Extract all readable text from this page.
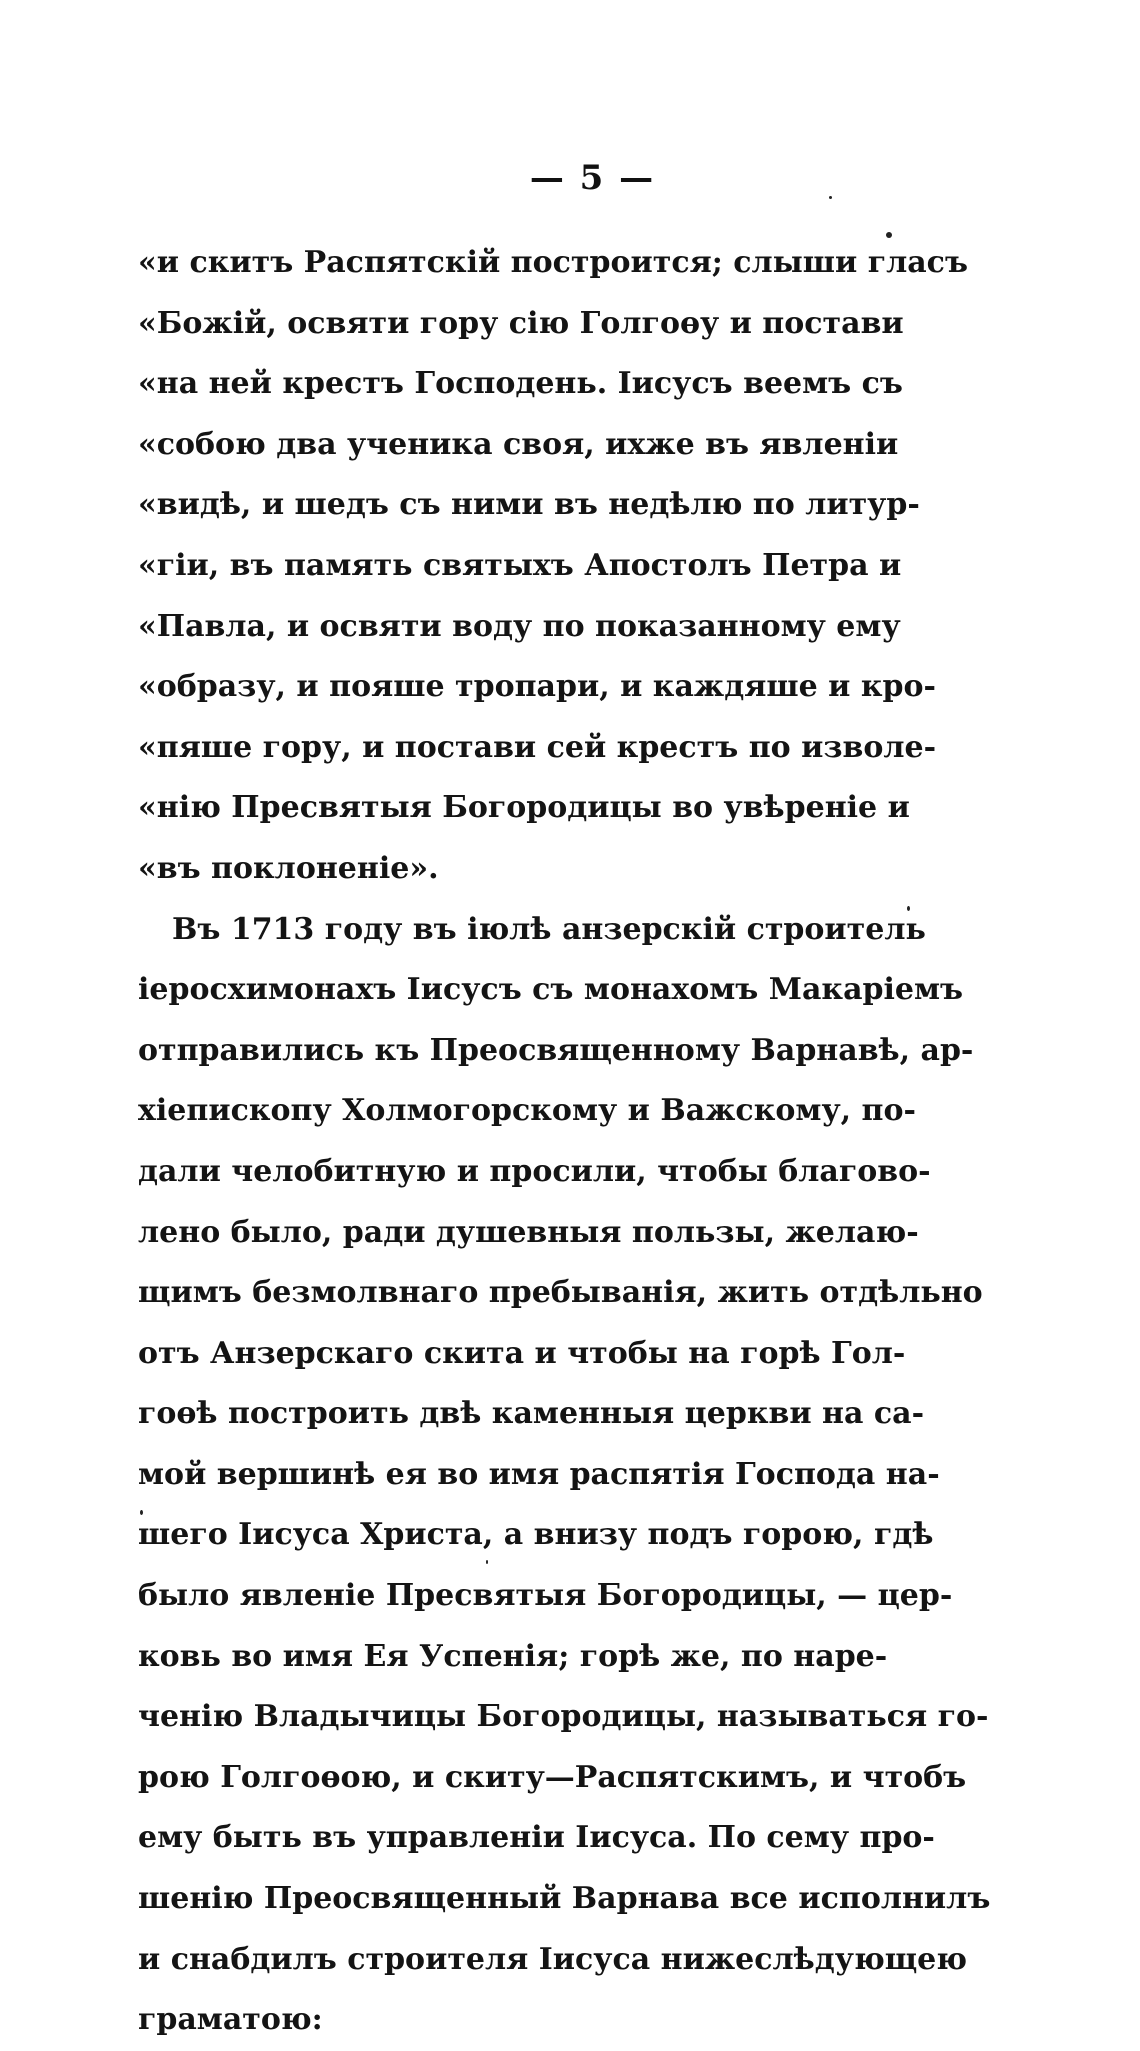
— 5 —
«и скитъ Распятскій построится; слыши гласъ
«Божій, освяти гору сію Голгоөу и постави
«на ней крестъ Господень. Іисусъ веемъ съ
«собою два ученика своя, ихже въ явленіи
«видѣ, и шедъ съ ними въ недѣлю по литур-
«гіи, въ память святыхъ Апостолъ Петра и
«Павла, и освяти воду по показанному ему
«образу, и пояше тропари, и каждяше и кро-
«пяше гору, и постави сей крестъ по изволе-
«нію Пресвятыя Богородицы во увѣреніе и
«въ поклоненіе».
Въ 1713 году въ іюлѣ анзерскій строитель
іеросхимонахъ Іисусъ съ монахомъ Макаріемъ
отправились къ Преосвященному Варнавѣ, ар-
хіепископу Холмогорскому и Важскому, по-
дали челобитную и просили, чтобы благово-
лено было, ради душевныя пользы, желаю-
щимъ безмолвнаго пребыванія, жить отдѣльно
отъ Анзерскаго скита и чтобы на горѣ Гол-
гоөѣ построить двѣ каменныя церкви на са-
мой вершинѣ ея во имя распятія Господа на-
шего Іисуса Христа, а внизу подъ горою, гдѣ
было явленіе Пресвятыя Богородицы, — цер-
ковь во имя Ея Успенія; горѣ же, по наре-
ченію Владычицы Богородицы, называться го-
рою Голгоөою, и скиту—Распятскимъ, и чтобъ
ему быть въ управленіи Іисуса. По сему про-
шенію Преосвященный Варнава все исполнилъ
и снабдилъ строителя Іисуса нижеслѣдующею
граматою:
